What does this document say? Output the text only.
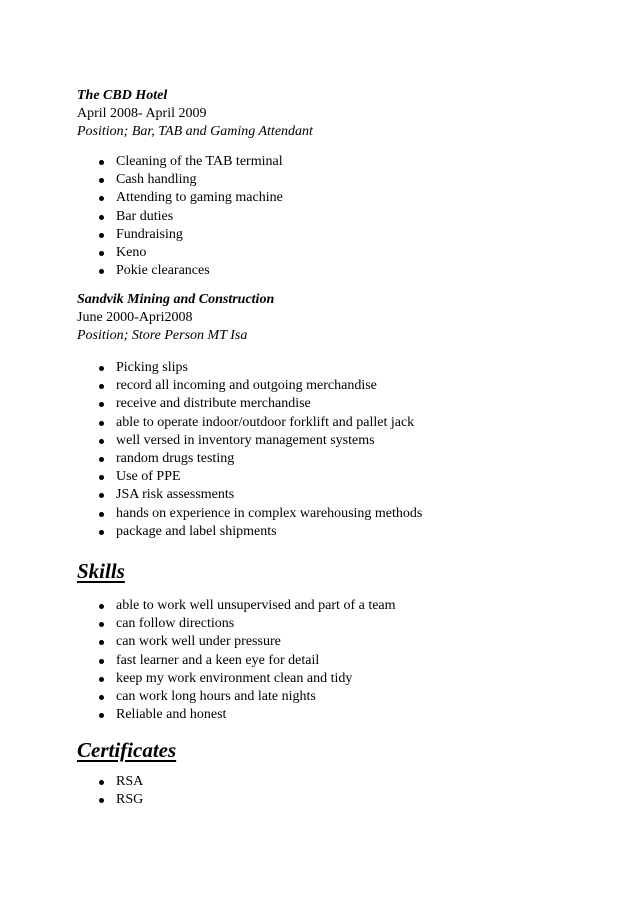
The CBD Hotel

April 2008- April 2009

Position; Bar, TAB and Gaming Attendant

Cleaning of the TAB terminal
Cash handling
Attending to gaming machine
Bar duties
Fundraising
Keno
Pokie clearances

Sandvik Mining and Construction

June 2000-Apri2008

Position; Store Person MT Isa

Picking slips
record all incoming and outgoing merchandise
receive and distribute merchandise
able to operate indoor/outdoor forklift and pallet jack
well versed in inventory management systems
random drugs testing
Use of PPE
JSA risk assessments
hands on experience in complex warehousing methods
package and label shipments
Skills
able to work well unsupervised and part of a team
can follow directions
can work well under pressure
fast learner and a keen eye for detail
keep my work environment clean and tidy
can work long hours and late nights
Reliable and honest
Certificates
RSA
RSG
